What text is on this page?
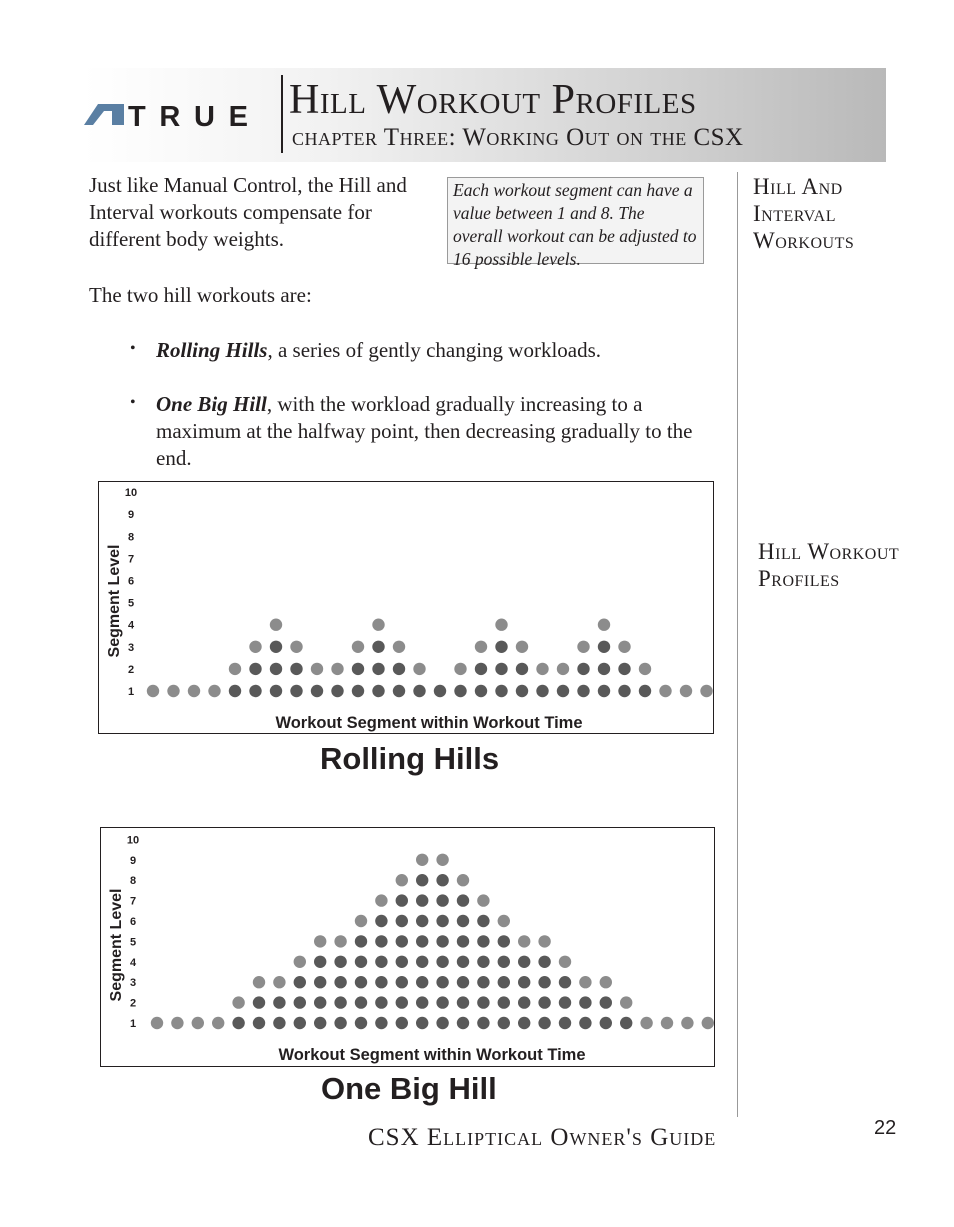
TRUE Hill Workout Profiles
chapter Three: Working Out on the CSX

Just like Manual Control, the Hill and Interval workouts compensate for different body weights.

Each workout segment can have a value between 1 and 8. The overall workout can be adjusted to 16 possible levels.

The two hill workouts are:

• Rolling Hills, a series of gently changing workloads.
• One Big Hill, with the workload gradually increasing to a maximum at the halfway point, then decreasing gradually to the end.
Hill And Interval Workouts
Hill Workout Profiles
1
2
3
4
5
6
7
8
9
10
Segment Level
Workout Segment within Workout Time
Rolling Hills
1
2
3
4
5
6
7
8
9
10
Segment Level
Workout Segment within Workout Time
One Big Hill
CSX Elliptical Owner's Guide	22
